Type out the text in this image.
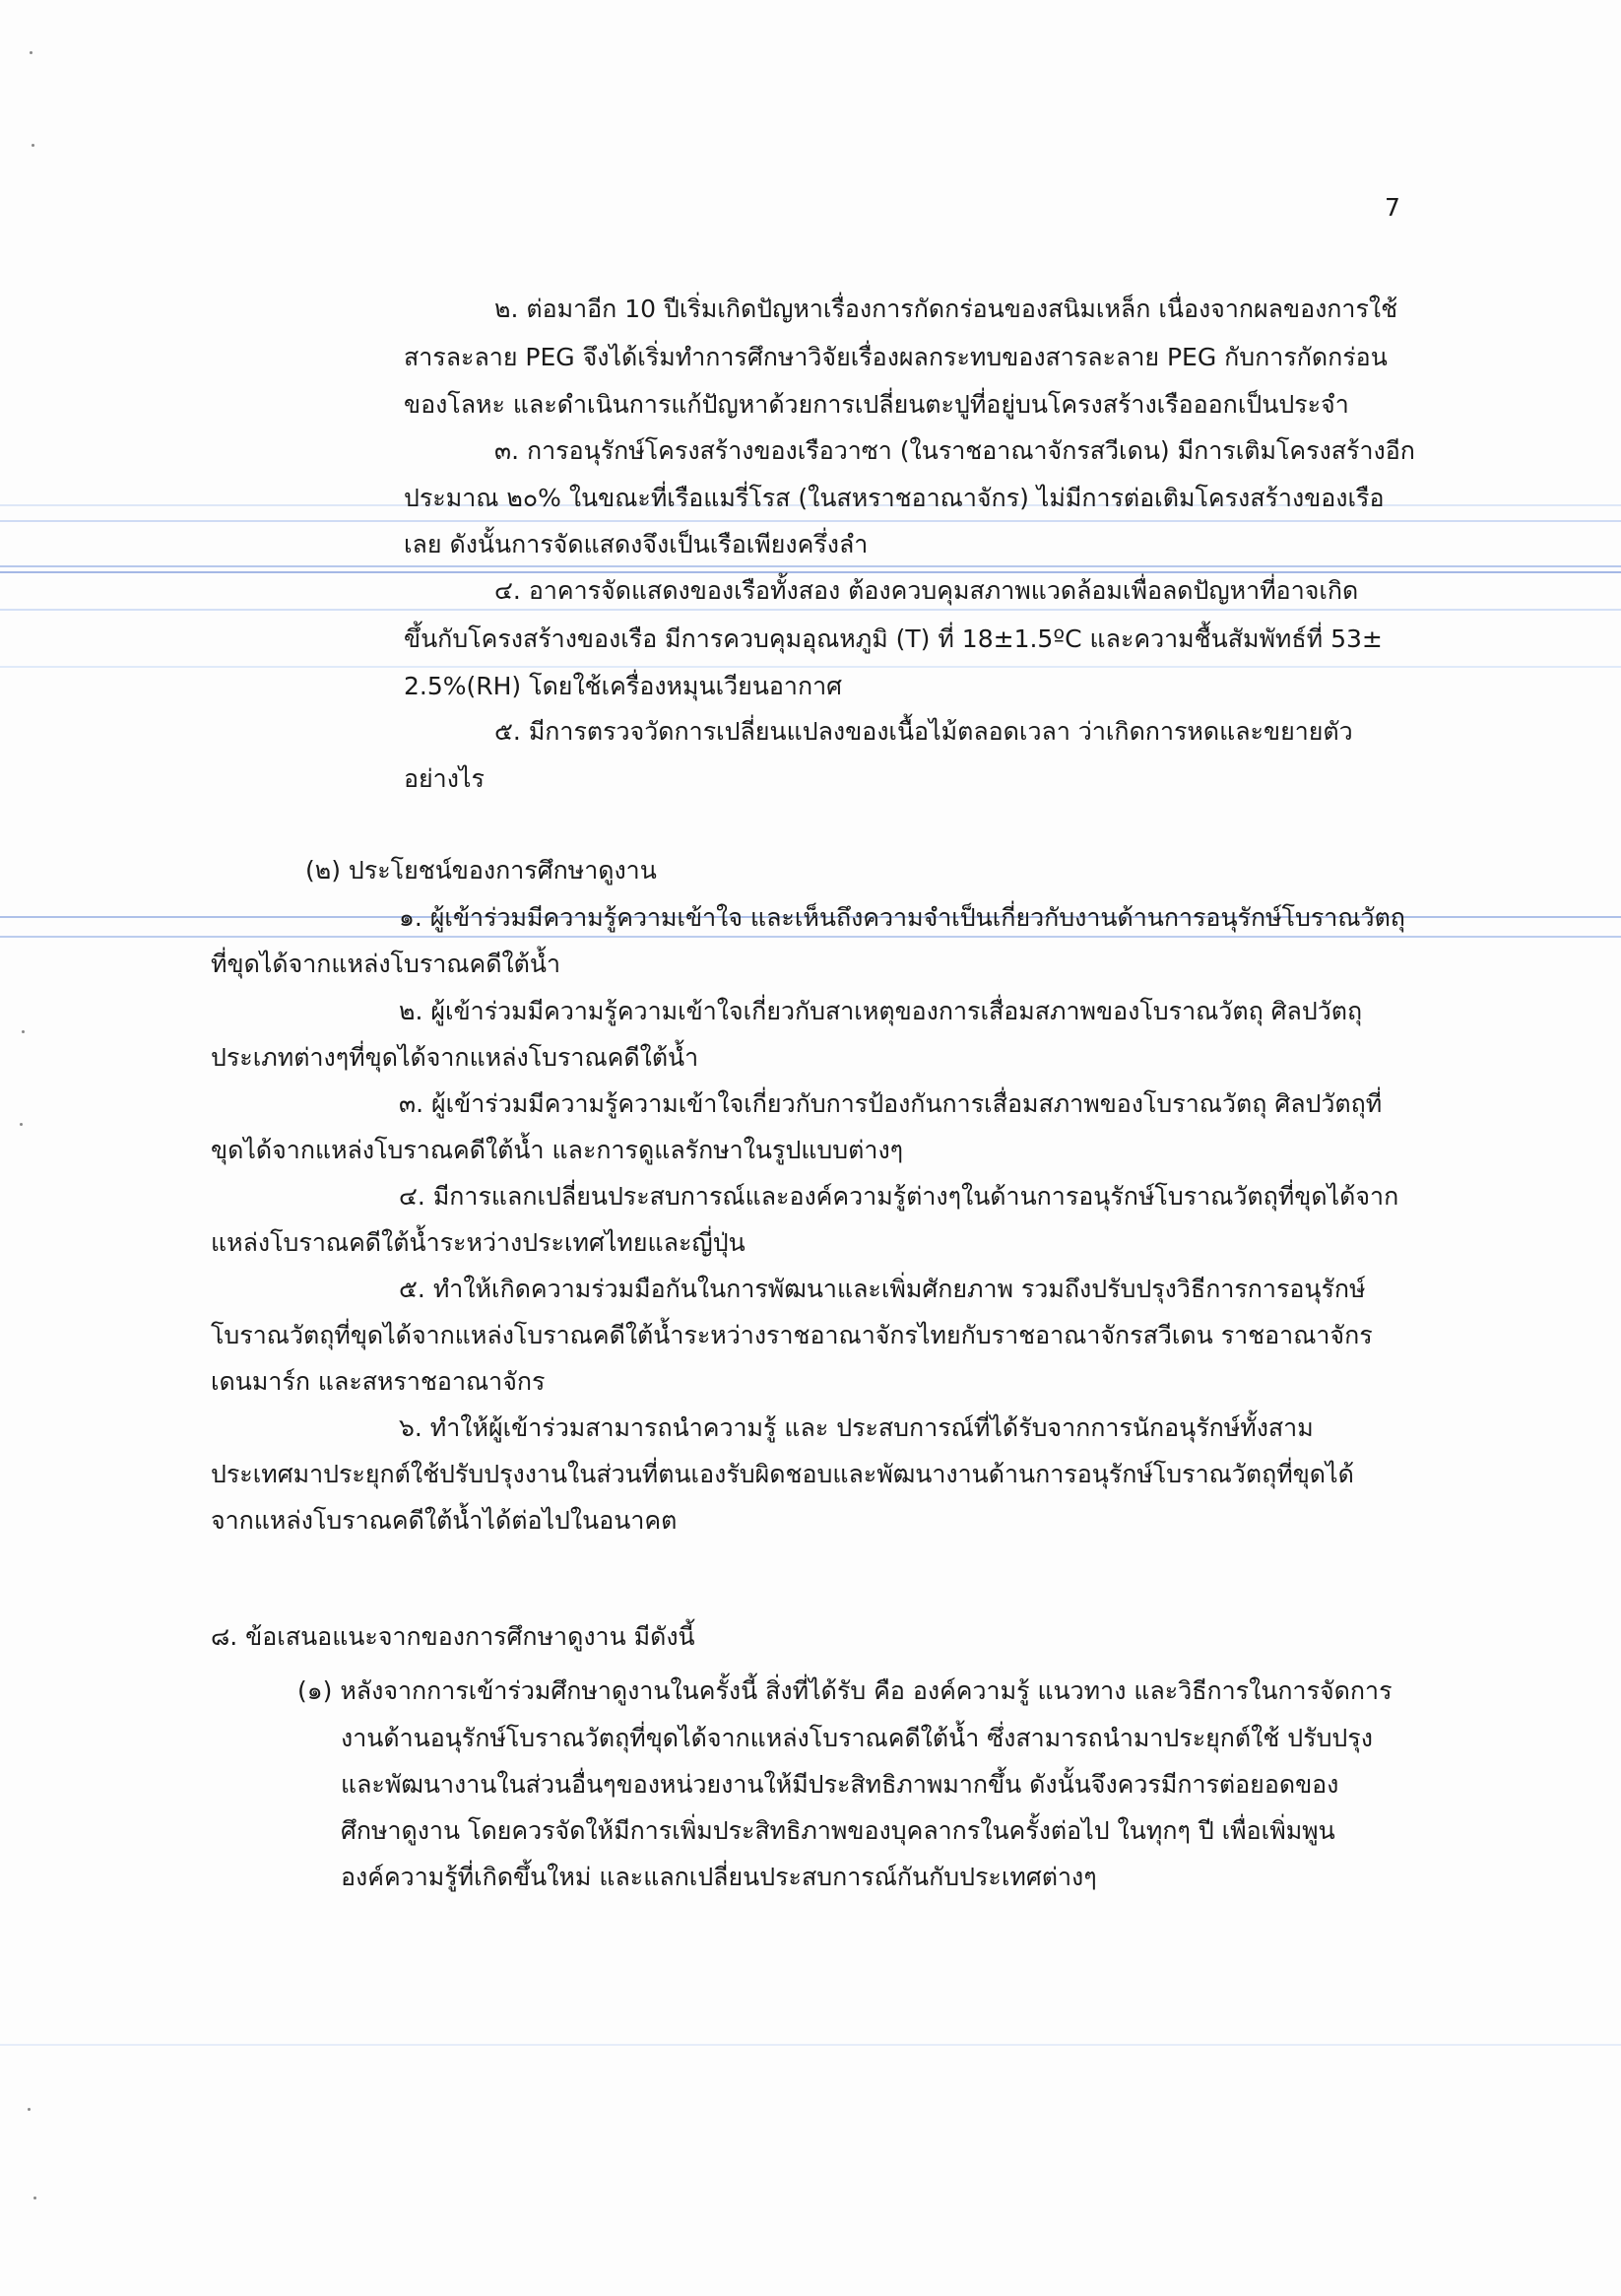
7

๒. ต่อมาอีก 10 ปีเริ่มเกิดปัญหาเรื่องการกัดกร่อนของสนิมเหล็ก เนื่องจากผลของการใช้

สารละลาย PEG จึงได้เริ่มทำการศึกษาวิจัยเรื่องผลกระทบของสารละลาย PEG กับการกัดกร่อน

ของโลหะ และดำเนินการแก้ปัญหาด้วยการเปลี่ยนตะปูที่อยู่บนโครงสร้างเรือออกเป็นประจำ

๓. การอนุรักษ์โครงสร้างของเรือวาซา (ในราชอาณาจักรสวีเดน) มีการเติมโครงสร้างอีก

ประมาณ ๒๐% ในขณะที่เรือแมรี่โรส (ในสหราชอาณาจักร) ไม่มีการต่อเติมโครงสร้างของเรือ

เลย ดังนั้นการจัดแสดงจึงเป็นเรือเพียงครึ่งลำ

๔. อาคารจัดแสดงของเรือทั้งสอง ต้องควบคุมสภาพแวดล้อมเพื่อลดปัญหาที่อาจเกิด

ขึ้นกับโครงสร้างของเรือ มีการควบคุมอุณหภูมิ (T) ที่ 18±1.5ºC และความชื้นสัมพัทธ์ที่ 53±

2.5%(RH) โดยใช้เครื่องหมุนเวียนอากาศ

๕. มีการตรวจวัดการเปลี่ยนแปลงของเนื้อไม้ตลอดเวลา ว่าเกิดการหดและขยายตัว

อย่างไร

(๒) ประโยชน์ของการศึกษาดูงาน

๑. ผู้เข้าร่วมมีความรู้ความเข้าใจ และเห็นถึงความจำเป็นเกี่ยวกับงานด้านการอนุรักษ์โบราณวัตถุ

ที่ขุดได้จากแหล่งโบราณคดีใต้น้ำ

๒. ผู้เข้าร่วมมีความรู้ความเข้าใจเกี่ยวกับสาเหตุของการเสื่อมสภาพของโบราณวัตถุ ศิลปวัตถุ

ประเภทต่างๆที่ขุดได้จากแหล่งโบราณคดีใต้น้ำ

๓. ผู้เข้าร่วมมีความรู้ความเข้าใจเกี่ยวกับการป้องกันการเสื่อมสภาพของโบราณวัตถุ ศิลปวัตถุที่

ขุดได้จากแหล่งโบราณคดีใต้น้ำ และการดูแลรักษาในรูปแบบต่างๆ

๔. มีการแลกเปลี่ยนประสบการณ์และองค์ความรู้ต่างๆในด้านการอนุรักษ์โบราณวัตถุที่ขุดได้จาก

แหล่งโบราณคดีใต้น้ำระหว่างประเทศไทยและญี่ปุ่น

๕. ทำให้เกิดความร่วมมือกันในการพัฒนาและเพิ่มศักยภาพ รวมถึงปรับปรุงวิธีการการอนุรักษ์

โบราณวัตถุที่ขุดได้จากแหล่งโบราณคดีใต้น้ำระหว่างราชอาณาจักรไทยกับราชอาณาจักรสวีเดน ราชอาณาจักร

เดนมาร์ก และสหราชอาณาจักร

๖. ทำให้ผู้เข้าร่วมสามารถนำความรู้ และ ประสบการณ์ที่ได้รับจากการนักอนุรักษ์ทั้งสาม

ประเทศมาประยุกต์ใช้ปรับปรุงงานในส่วนที่ตนเองรับผิดชอบและพัฒนางานด้านการอนุรักษ์โบราณวัตถุที่ขุดได้

จากแหล่งโบราณคดีใต้น้ำได้ต่อไปในอนาคต

๘. ข้อเสนอแนะจากของการศึกษาดูงาน มีดังนี้

(๑) หลังจากการเข้าร่วมศึกษาดูงานในครั้งนี้ สิ่งที่ได้รับ คือ องค์ความรู้ แนวทาง และวิธีการในการจัดการ

งานด้านอนุรักษ์โบราณวัตถุที่ขุดได้จากแหล่งโบราณคดีใต้น้ำ ซึ่งสามารถนำมาประยุกต์ใช้ ปรับปรุง

และพัฒนางานในส่วนอื่นๆของหน่วยงานให้มีประสิทธิภาพมากขึ้น ดังนั้นจึงควรมีการต่อยอดของ

ศึกษาดูงาน โดยควรจัดให้มีการเพิ่มประสิทธิภาพของบุคลากรในครั้งต่อไป ในทุกๆ ปี เพื่อเพิ่มพูน

องค์ความรู้ที่เกิดขึ้นใหม่ และแลกเปลี่ยนประสบการณ์กันกับประเทศต่างๆ
